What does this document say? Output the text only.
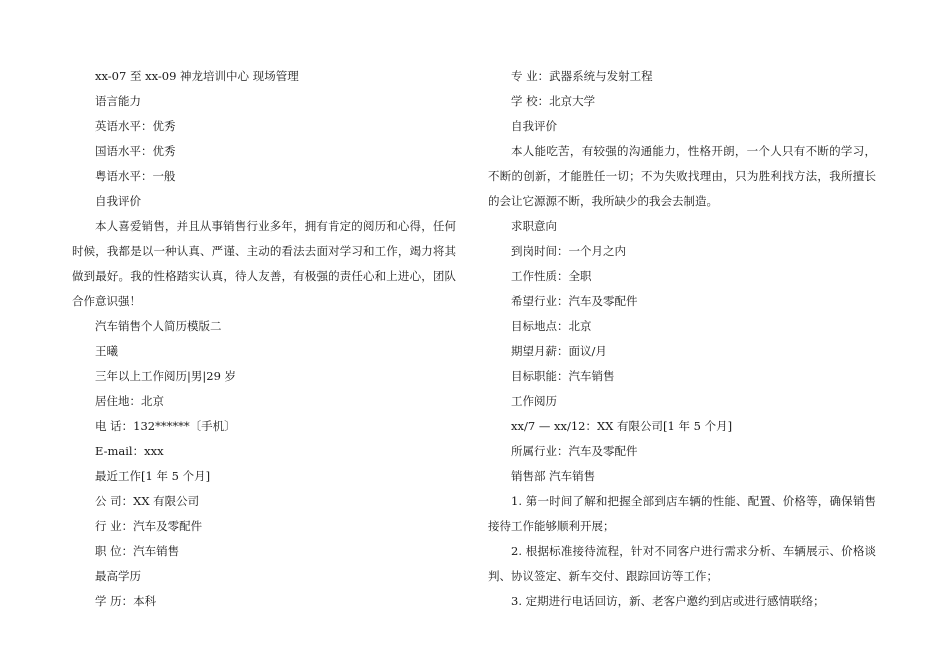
xx-07 至 xx-09 神龙培训中心 现场管理
语言能力
英语水平：优秀
国语水平：优秀
粤语水平：一般
自我评价
本人喜爱销售，并且从事销售行业多年，拥有肯定的阅历和心得，任何时候，我都是以一种认真、严谨、主动的看法去面对学习和工作，竭力将其做到最好。我的性格踏实认真，待人友善，有极强的责任心和上进心，团队合作意识强！
汽车销售个人简历模版二
王曦
三年以上工作阅历|男|29 岁
居住地：北京
电 话：132******〔手机〕
E-mail：xxx
最近工作[1 年 5 个月]
公 司：XX 有限公司
行 业：汽车及零配件
职 位：汽车销售
最高学历
学 历：本科
专 业：武器系统与发射工程
学 校：北京大学
自我评价
本人能吃苦，有较强的沟通能力，性格开朗，一个人只有不断的学习，不断的创新，才能胜任一切；不为失败找理由，只为胜利找方法，我所擅长的会让它源源不断，我所缺少的我会去制造。
求职意向
到岗时间：一个月之内
工作性质：全职
希望行业：汽车及零配件
目标地点：北京
期望月薪：面议/月
目标职能：汽车销售
工作阅历
xx/7 — xx/12：XX 有限公司[1 年 5 个月]
所属行业：汽车及零配件
销售部 汽车销售
1. 第一时间了解和把握全部到店车辆的性能、配置、价格等，确保销售接待工作能够顺利开展；
2. 根据标准接待流程，针对不同客户进行需求分析、车辆展示、价格谈判、协议签定、新车交付、跟踪回访等工作；
3. 定期进行电话回访，新、老客户邀约到店或进行感情联络；
